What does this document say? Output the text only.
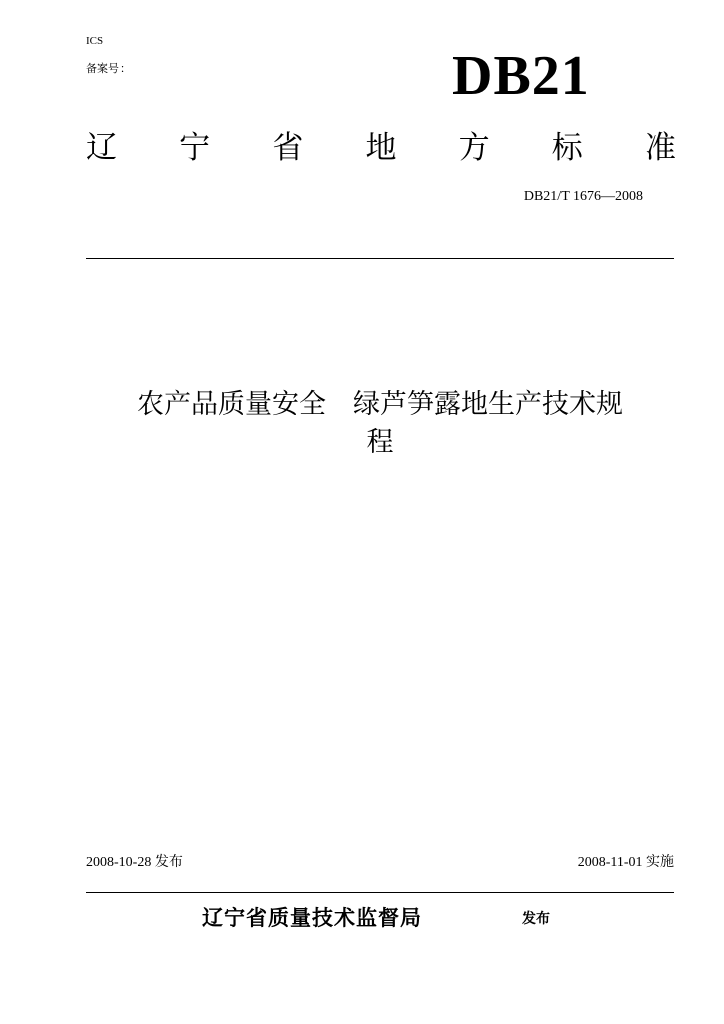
ICS
备案号：	DB21
辽 宁 省 地 方 标 准
DB21/T 1676—2008
农产品质量安全　绿芦笋露地生产技术规
程
2008-10-28 发布	2008-11-01 实施
辽宁省质量技术监督局	发布
